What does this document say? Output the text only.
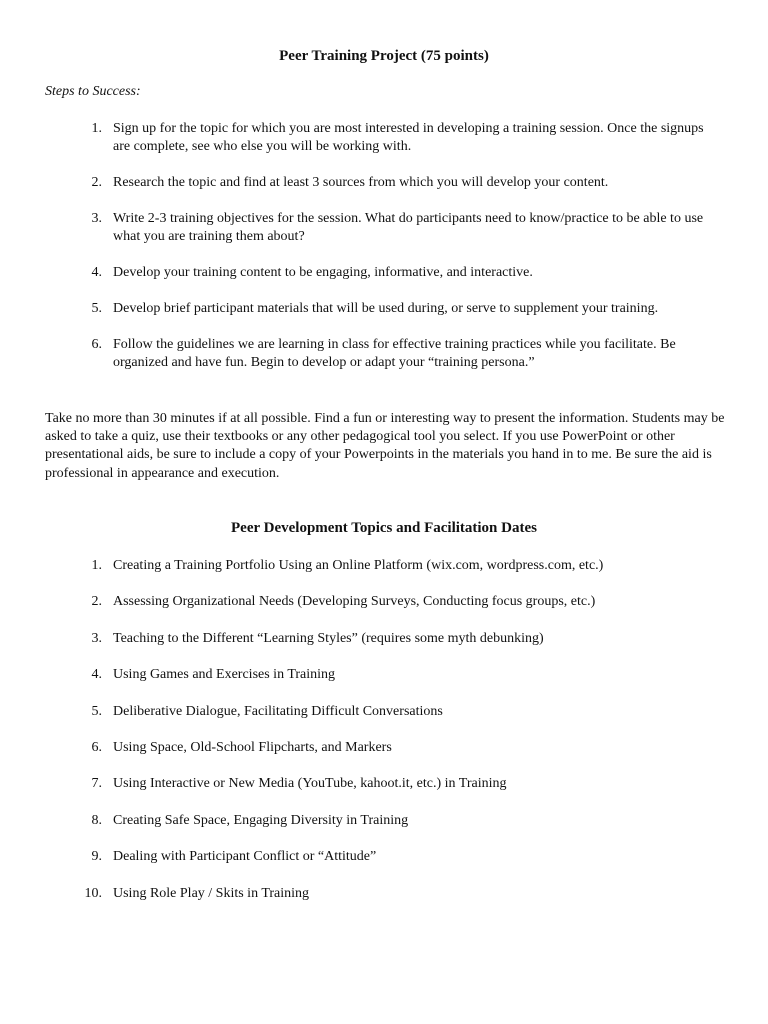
Peer Training Project (75 points)
Steps to Success:
1. Sign up for the topic for which you are most interested in developing a training session. Once the signups are complete, see who else you will be working with.
2. Research the topic and find at least 3 sources from which you will develop your content.
3. Write 2-3 training objectives for the session. What do participants need to know/practice to be able to use what you are training them about?
4. Develop your training content to be engaging, informative, and interactive.
5. Develop brief participant materials that will be used during, or serve to supplement your training.
6. Follow the guidelines we are learning in class for effective training practices while you facilitate. Be organized and have fun. Begin to develop or adapt your “training persona.”

Take no more than 30 minutes if at all possible. Find a fun or interesting way to present the information. Students may be asked to take a quiz, use their textbooks or any other pedagogical tool you select. If you use PowerPoint or other presentational aids, be sure to include a copy of your Powerpoints in the materials you hand in to me. Be sure the aid is professional in appearance and execution.

Peer Development Topics and Facilitation Dates
1. Creating a Training Portfolio Using an Online Platform (wix.com, wordpress.com, etc.)
2. Assessing Organizational Needs (Developing Surveys, Conducting focus groups, etc.)
3. Teaching to the Different “Learning Styles” (requires some myth debunking)
4. Using Games and Exercises in Training
5. Deliberative Dialogue, Facilitating Difficult Conversations
6. Using Space, Old-School Flipcharts, and Markers
7. Using Interactive or New Media (YouTube, kahoot.it, etc.) in Training
8. Creating Safe Space, Engaging Diversity in Training
9. Dealing with Participant Conflict or “Attitude”
10. Using Role Play / Skits in Training
